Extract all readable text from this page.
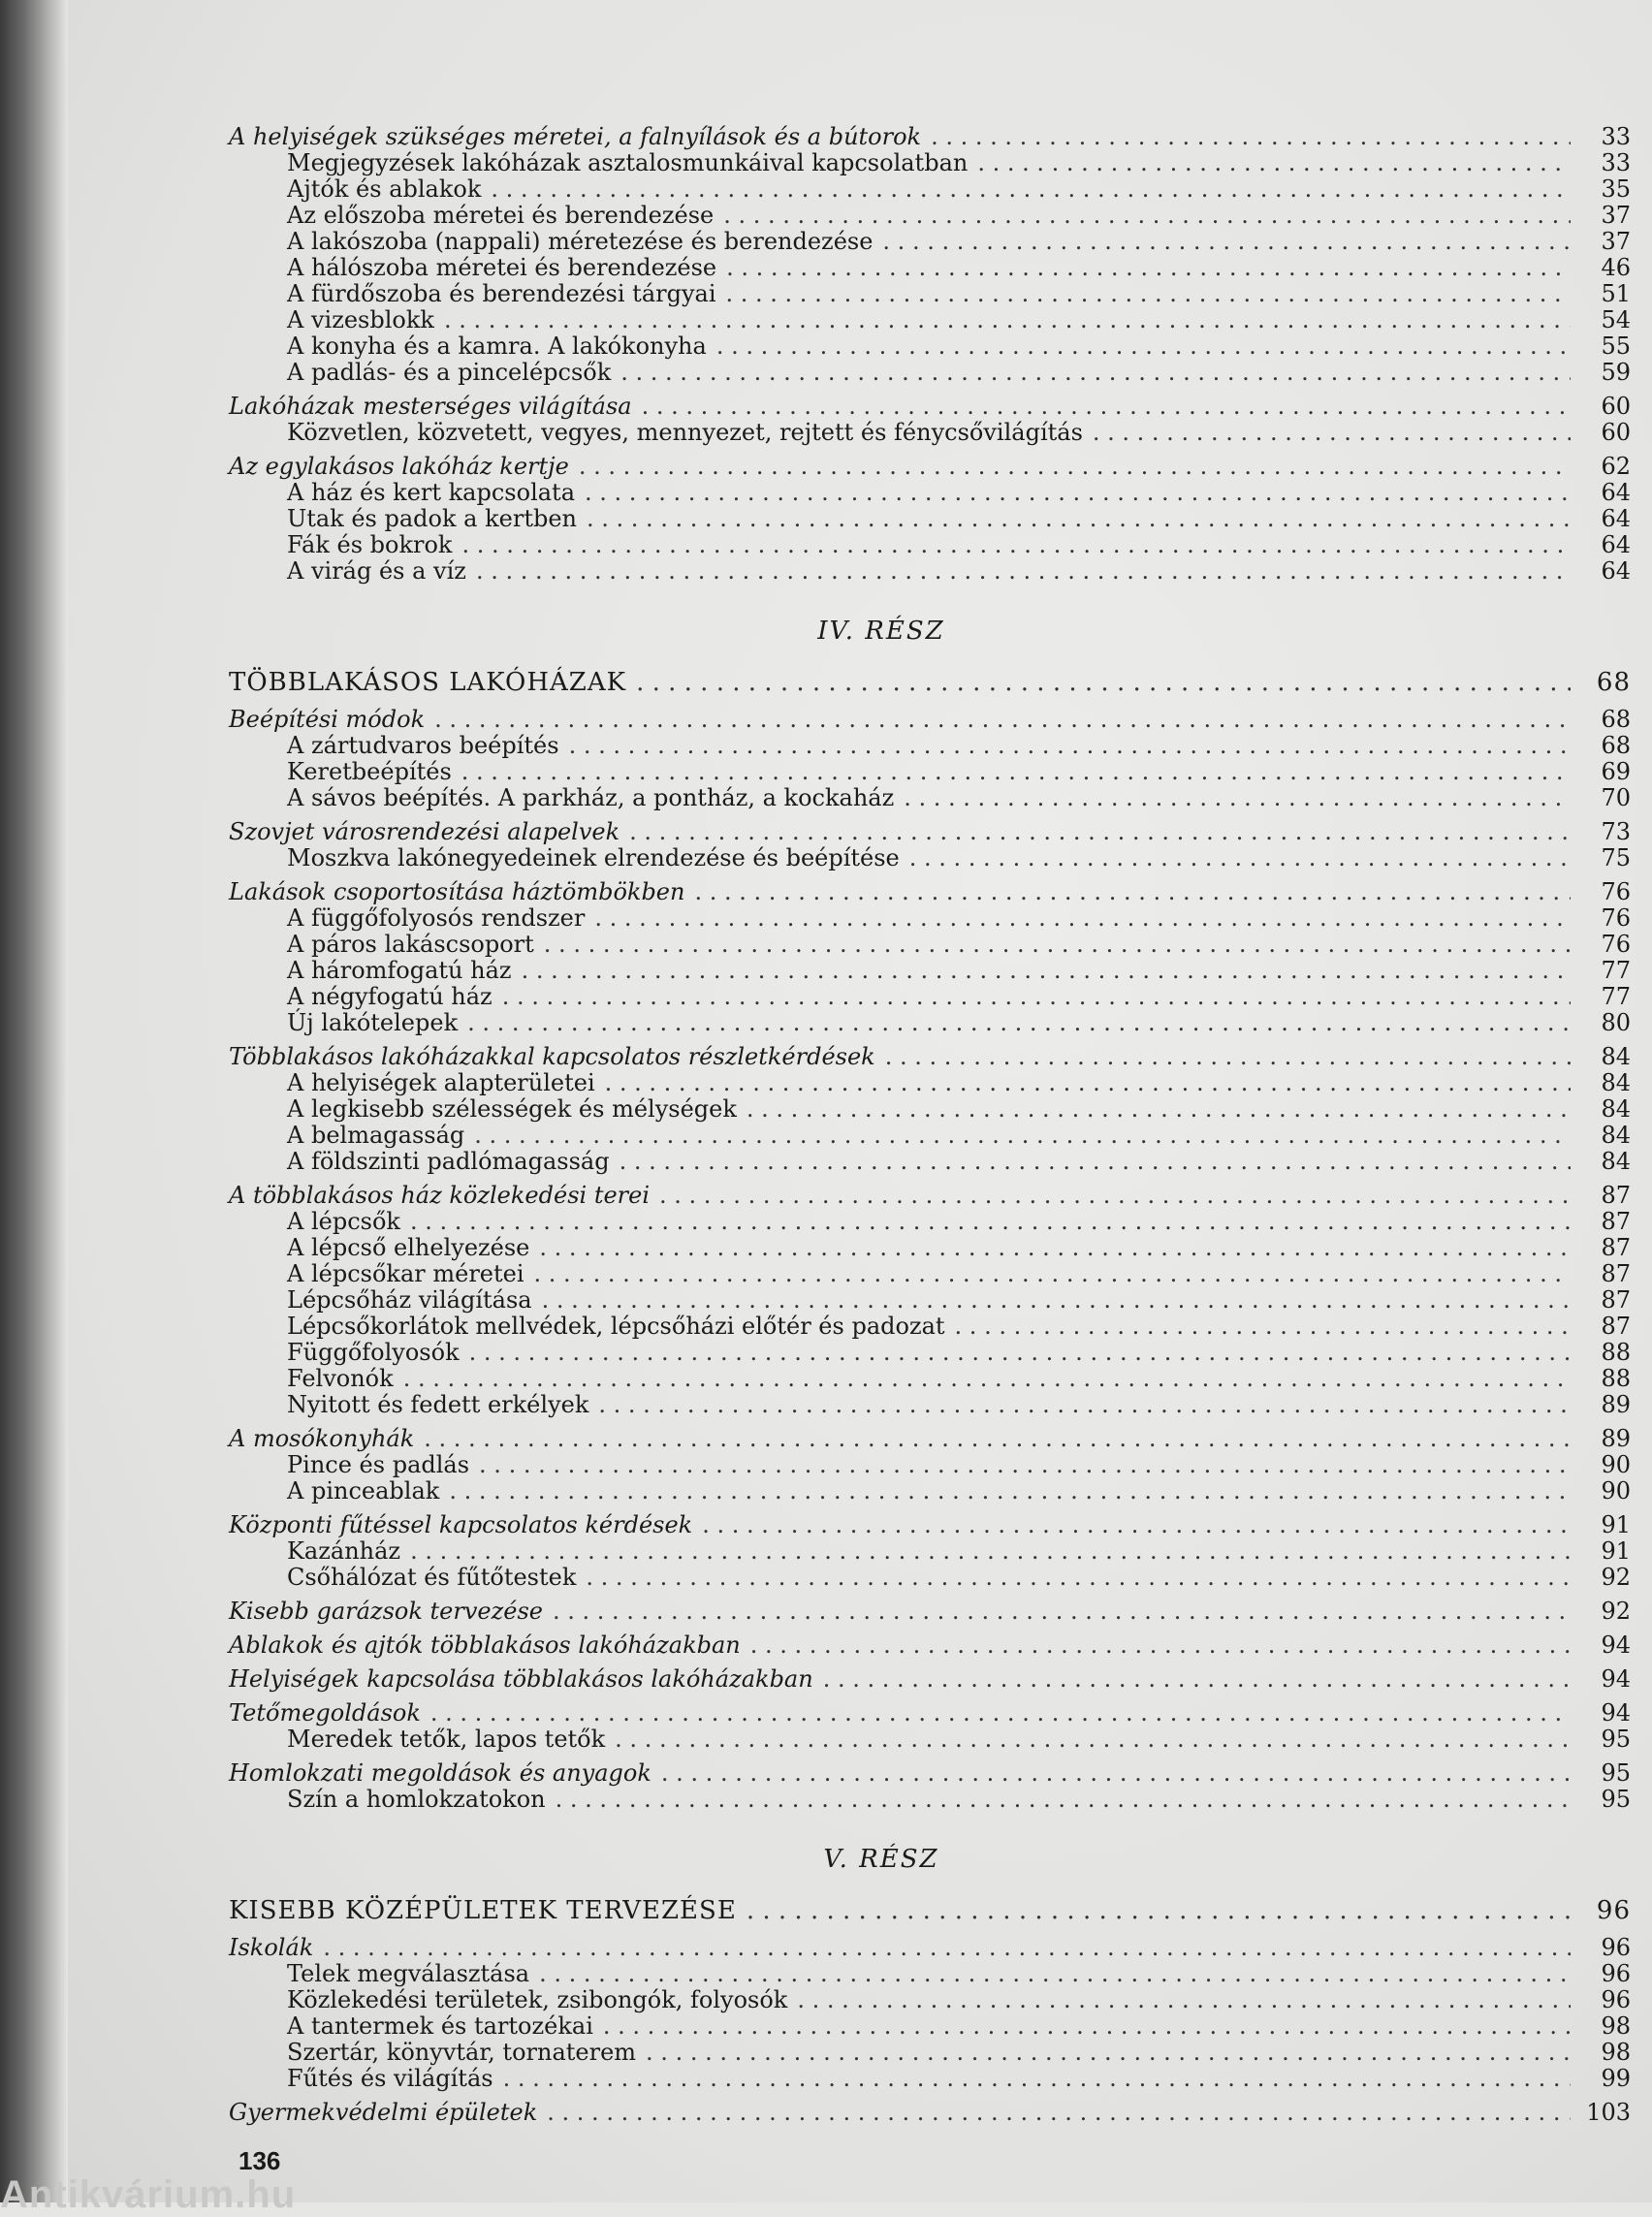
A helyiségek szükséges méretei, a falnyílások és a bútorok . . .	33
Megjegyzések lakóházak asztalosmunkáival kapcsolatban . . .	33
Ajtók és ablakok . . .	35
Az előszoba méretei és berendezése . . .	37
A lakószoba (nappali) méretezése és berendezése . . .	37
A hálószoba méretei és berendezése . . .	46
A fürdőszoba és berendezési tárgyai . . .	51
A vizesblokk . . .	54
A konyha és a kamra. A lakókonyha . . .	55
A padlás- és a pincelépcsők . . .	59
Lakóházak mesterséges világítása . . .	60
Közvetlen, közvetett, vegyes, mennyezet, rejtett és fénycsővilágítás . . .	60
Az egylakásos lakóház kertje . . .	62
A ház és kert kapcsolata . . .	64
Utak és padok a kertben . . .	64
Fák és bokrok . . .	64
A virág és a víz . . .	64
IV. RÉSZ
TÖBBLAKÁSOS LAKÓHÁZAK . . .	68
Beépítési módok . . .	68
A zártudvaros beépítés . . .	68
Keretbeépítés . . .	69
A sávos beépítés. A parkház, a pontház, a kockaház . . .	70
Szovjet városrendezési alapelvek . . .	73
Moszkva lakónegyedeinek elrendezése és beépítése . . .	75
Lakások csoportosítása háztömbökben . . .	76
A függőfolyosós rendszer . . .	76
A páros lakáscsoport . . .	76
A háromfogatú ház . . .	77
A négyfogatú ház . . .	77
Új lakótelepek . . .	80
Többlakásos lakóházakkal kapcsolatos részletkérdések . . .	84
A helyiségek alapterületei . . .	84
A legkisebb szélességek és mélységek . . .	84
A belmagasság . . .	84
A földszinti padlómagasság . . .	84
A többlakásos ház közlekedési terei . . .	87
A lépcsők . . .	87
A lépcső elhelyezése . . .	87
A lépcsőkar méretei . . .	87
Lépcsőház világítása . . .	87
Lépcsőkorlátok mellvédek, lépcsőházi előtér és padozat . . .	87
Függőfolyosók . . .	88
Felvonók . . .	88
Nyitott és fedett erkélyek . . .	89
A mosókonyhák . . .	89
Pince és padlás . . .	90
A pinceablak . . .	90
Központi fűtéssel kapcsolatos kérdések . . .	91
Kazánház . . .	91
Csőhálózat és fűtőtestek . . .	92
Kisebb garázsok tervezése . . .	92
Ablakok és ajtók többlakásos lakóházakban . . .	94
Helyiségek kapcsolása többlakásos lakóházakban . . .	94
Tetőmegoldások . . .	94
Meredek tetők, lapos tetők . . .	95
Homlokzati megoldások és anyagok . . .	95
Szín a homlokzatokon . . .	95
V. RÉSZ
KISEBB KÖZÉPÜLETEK TERVEZÉSE . . .	96
Iskolák . . .	96
Telek megválasztása . . .	96
Közlekedési területek, zsibongók, folyosók . . .	96
A tantermek és tartozékai . . .	98
Szertár, könyvtár, tornaterem . . .	98
Fűtés és világítás . . .	99
Gyermekvédelmi épületek . . .	103
136
Antikvárium.hu
